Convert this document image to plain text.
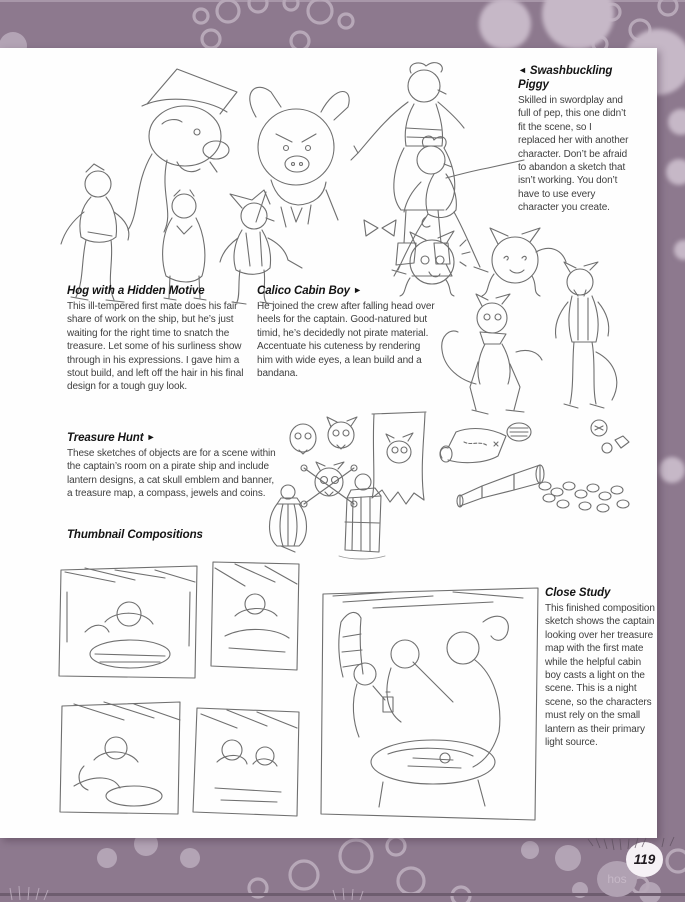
◄ Swashbuckling Piggy
Skilled in swordplay and full of pep, this one didn’t fit the scene, so I replaced her with another character. Don’t be afraid to abandon a sketch that isn’t working. You don’t have to use every character you create.
Hog with a Hidden Motive
This ill-tempered first mate does his fair share of work on the ship, but he’s just waiting for the right time to snatch the treasure. Let some of his surliness show through in his expressions. I gave him a stout build, and left off the hair in his final design for a tough guy look.
Calico Cabin Boy ►
He joined the crew after falling head over heels for the captain. Good-natured but timid, he’s decidedly not pirate material. Accentuate his cuteness by rendering him with wide eyes, a lean build and a bandana.
Treasure Hunt ►
These sketches of objects are for a scene within the captain’s room on a pirate ship and include lantern designs, a cat skull emblem and banner, a treasure map, a compass, jewels and coins.
Thumbnail Compositions
Close Study
This finished composition sketch shows the captain looking over her treasure map with the first mate while the helpful cabin boy casts a light on the scene. This is a night scene, so the characters must rely on the small lantern as their primary light source.
hos
119
